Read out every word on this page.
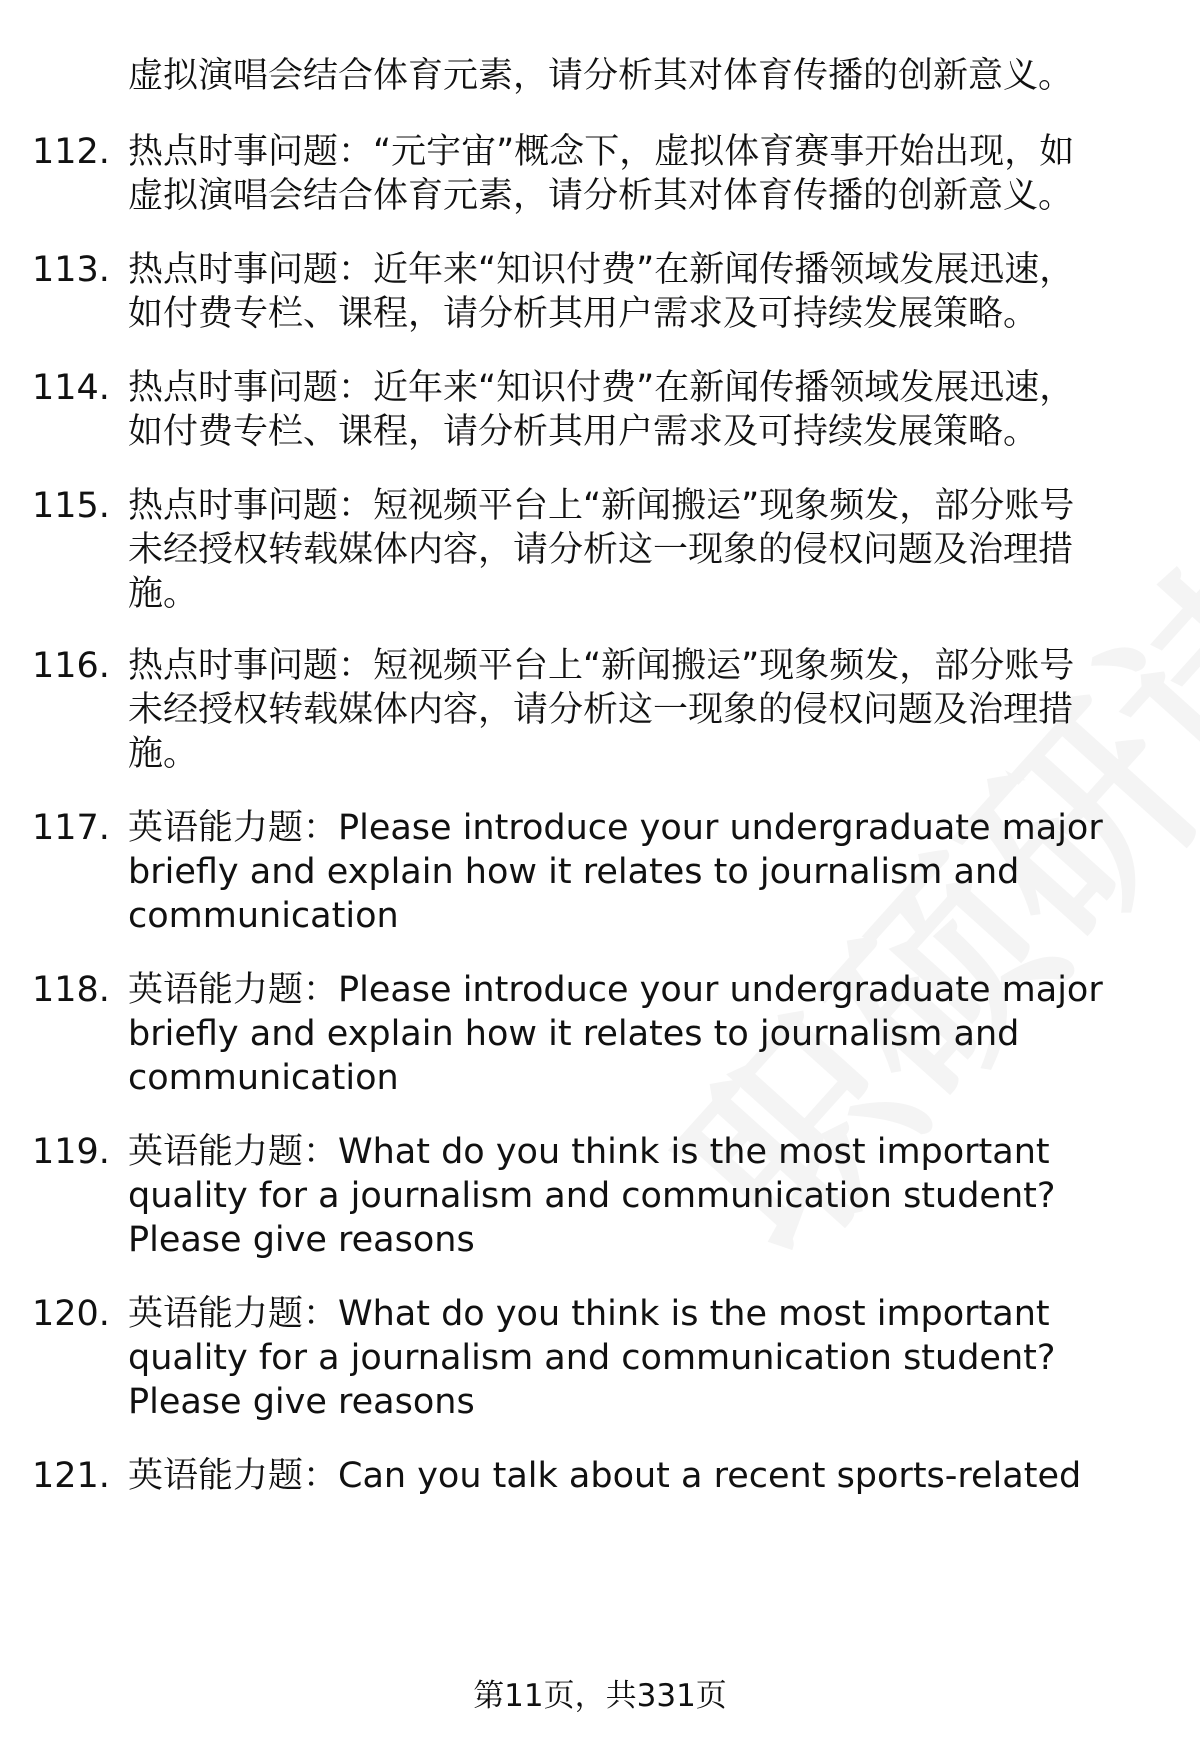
虚拟演唱会结合体育元素，请分析其对体育传播的创新意义。
112. 热点时事问题：“元宇宙”概念下，虚拟体育赛事开始出现，如
虚拟演唱会结合体育元素，请分析其对体育传播的创新意义。
113. 热点时事问题：近年来“知识付费”在新闻传播领域发展迅速，
如付费专栏、课程，请分析其用户需求及可持续发展策略。
114. 热点时事问题：近年来“知识付费”在新闻传播领域发展迅速，
如付费专栏、课程，请分析其用户需求及可持续发展策略。
115. 热点时事问题：短视频平台上“新闻搬运”现象频发，部分账号
未经授权转载媒体内容，请分析这一现象的侵权问题及治理措
施。
116. 热点时事问题：短视频平台上“新闻搬运”现象频发，部分账号
未经授权转载媒体内容，请分析这一现象的侵权问题及治理措
施。
117. 英语能力题：Please introduce your undergraduate major
briefly and explain how it relates to journalism and
communication
118. 英语能力题：Please introduce your undergraduate major
briefly and explain how it relates to journalism and
communication
119. 英语能力题：What do you think is the most important
quality for a journalism and communication student?
Please give reasons
120. 英语能力题：What do you think is the most important
quality for a journalism and communication student?
Please give reasons
121. 英语能力题：Can you talk about a recent sports-related
第11页，共331页
